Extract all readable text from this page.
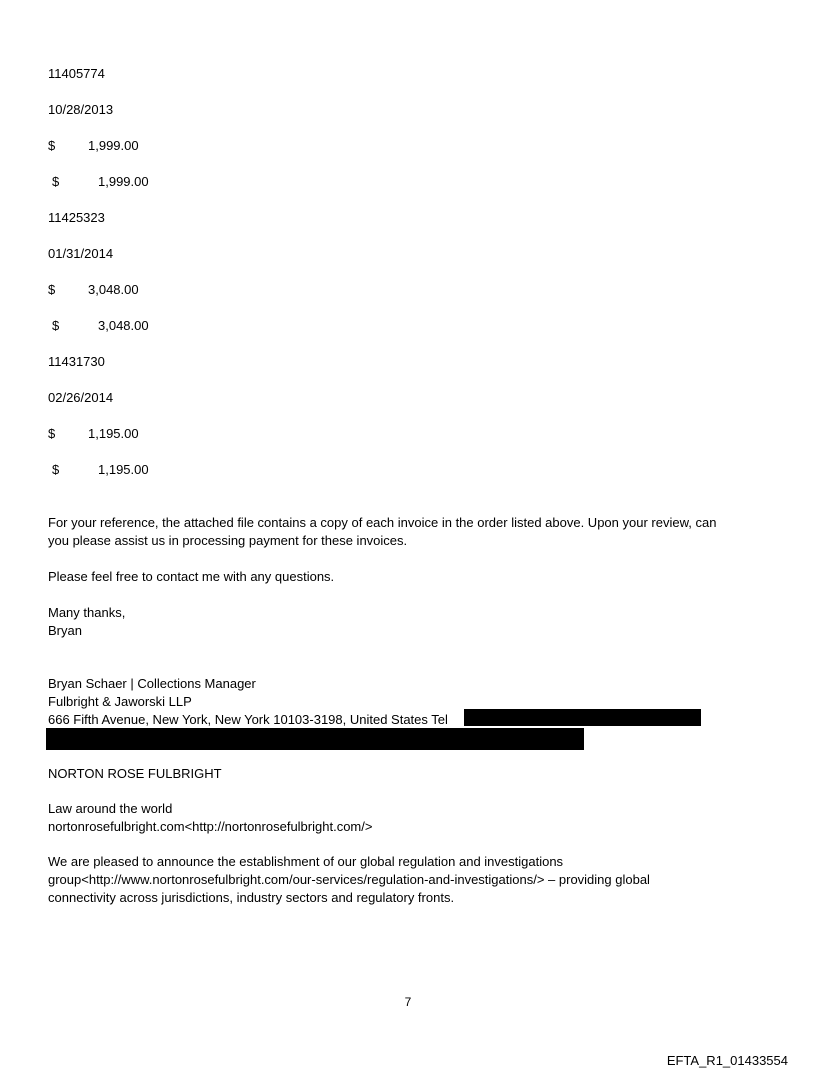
11405774
10/28/2013
$	1,999.00
$	1,999.00
11425323
01/31/2014
$	3,048.00
$	3,048.00
11431730
02/26/2014
$	1,195.00
$	1,195.00
For your reference, the attached file contains a copy of each invoice in the order listed above. Upon your review, can
you please assist us in processing payment for these invoices.
Please feel free to contact me with any questions.
Many thanks,
Bryan
Bryan Schaer | Collections Manager
Fulbright & Jaworski LLP
666 Fifth Avenue, New York, New York 10103-3198, United States Tel
NORTON ROSE FULBRIGHT
Law around the world
nortonrosefulbright.com<http://nortonrosefulbright.com/>
We are pleased to announce the establishment of our global regulation and investigations
group<http://www.nortonrosefulbright.com/our-services/regulation-and-investigations/> – providing global
connectivity across jurisdictions, industry sectors and regulatory fronts.
7
EFTA_R1_01433554
